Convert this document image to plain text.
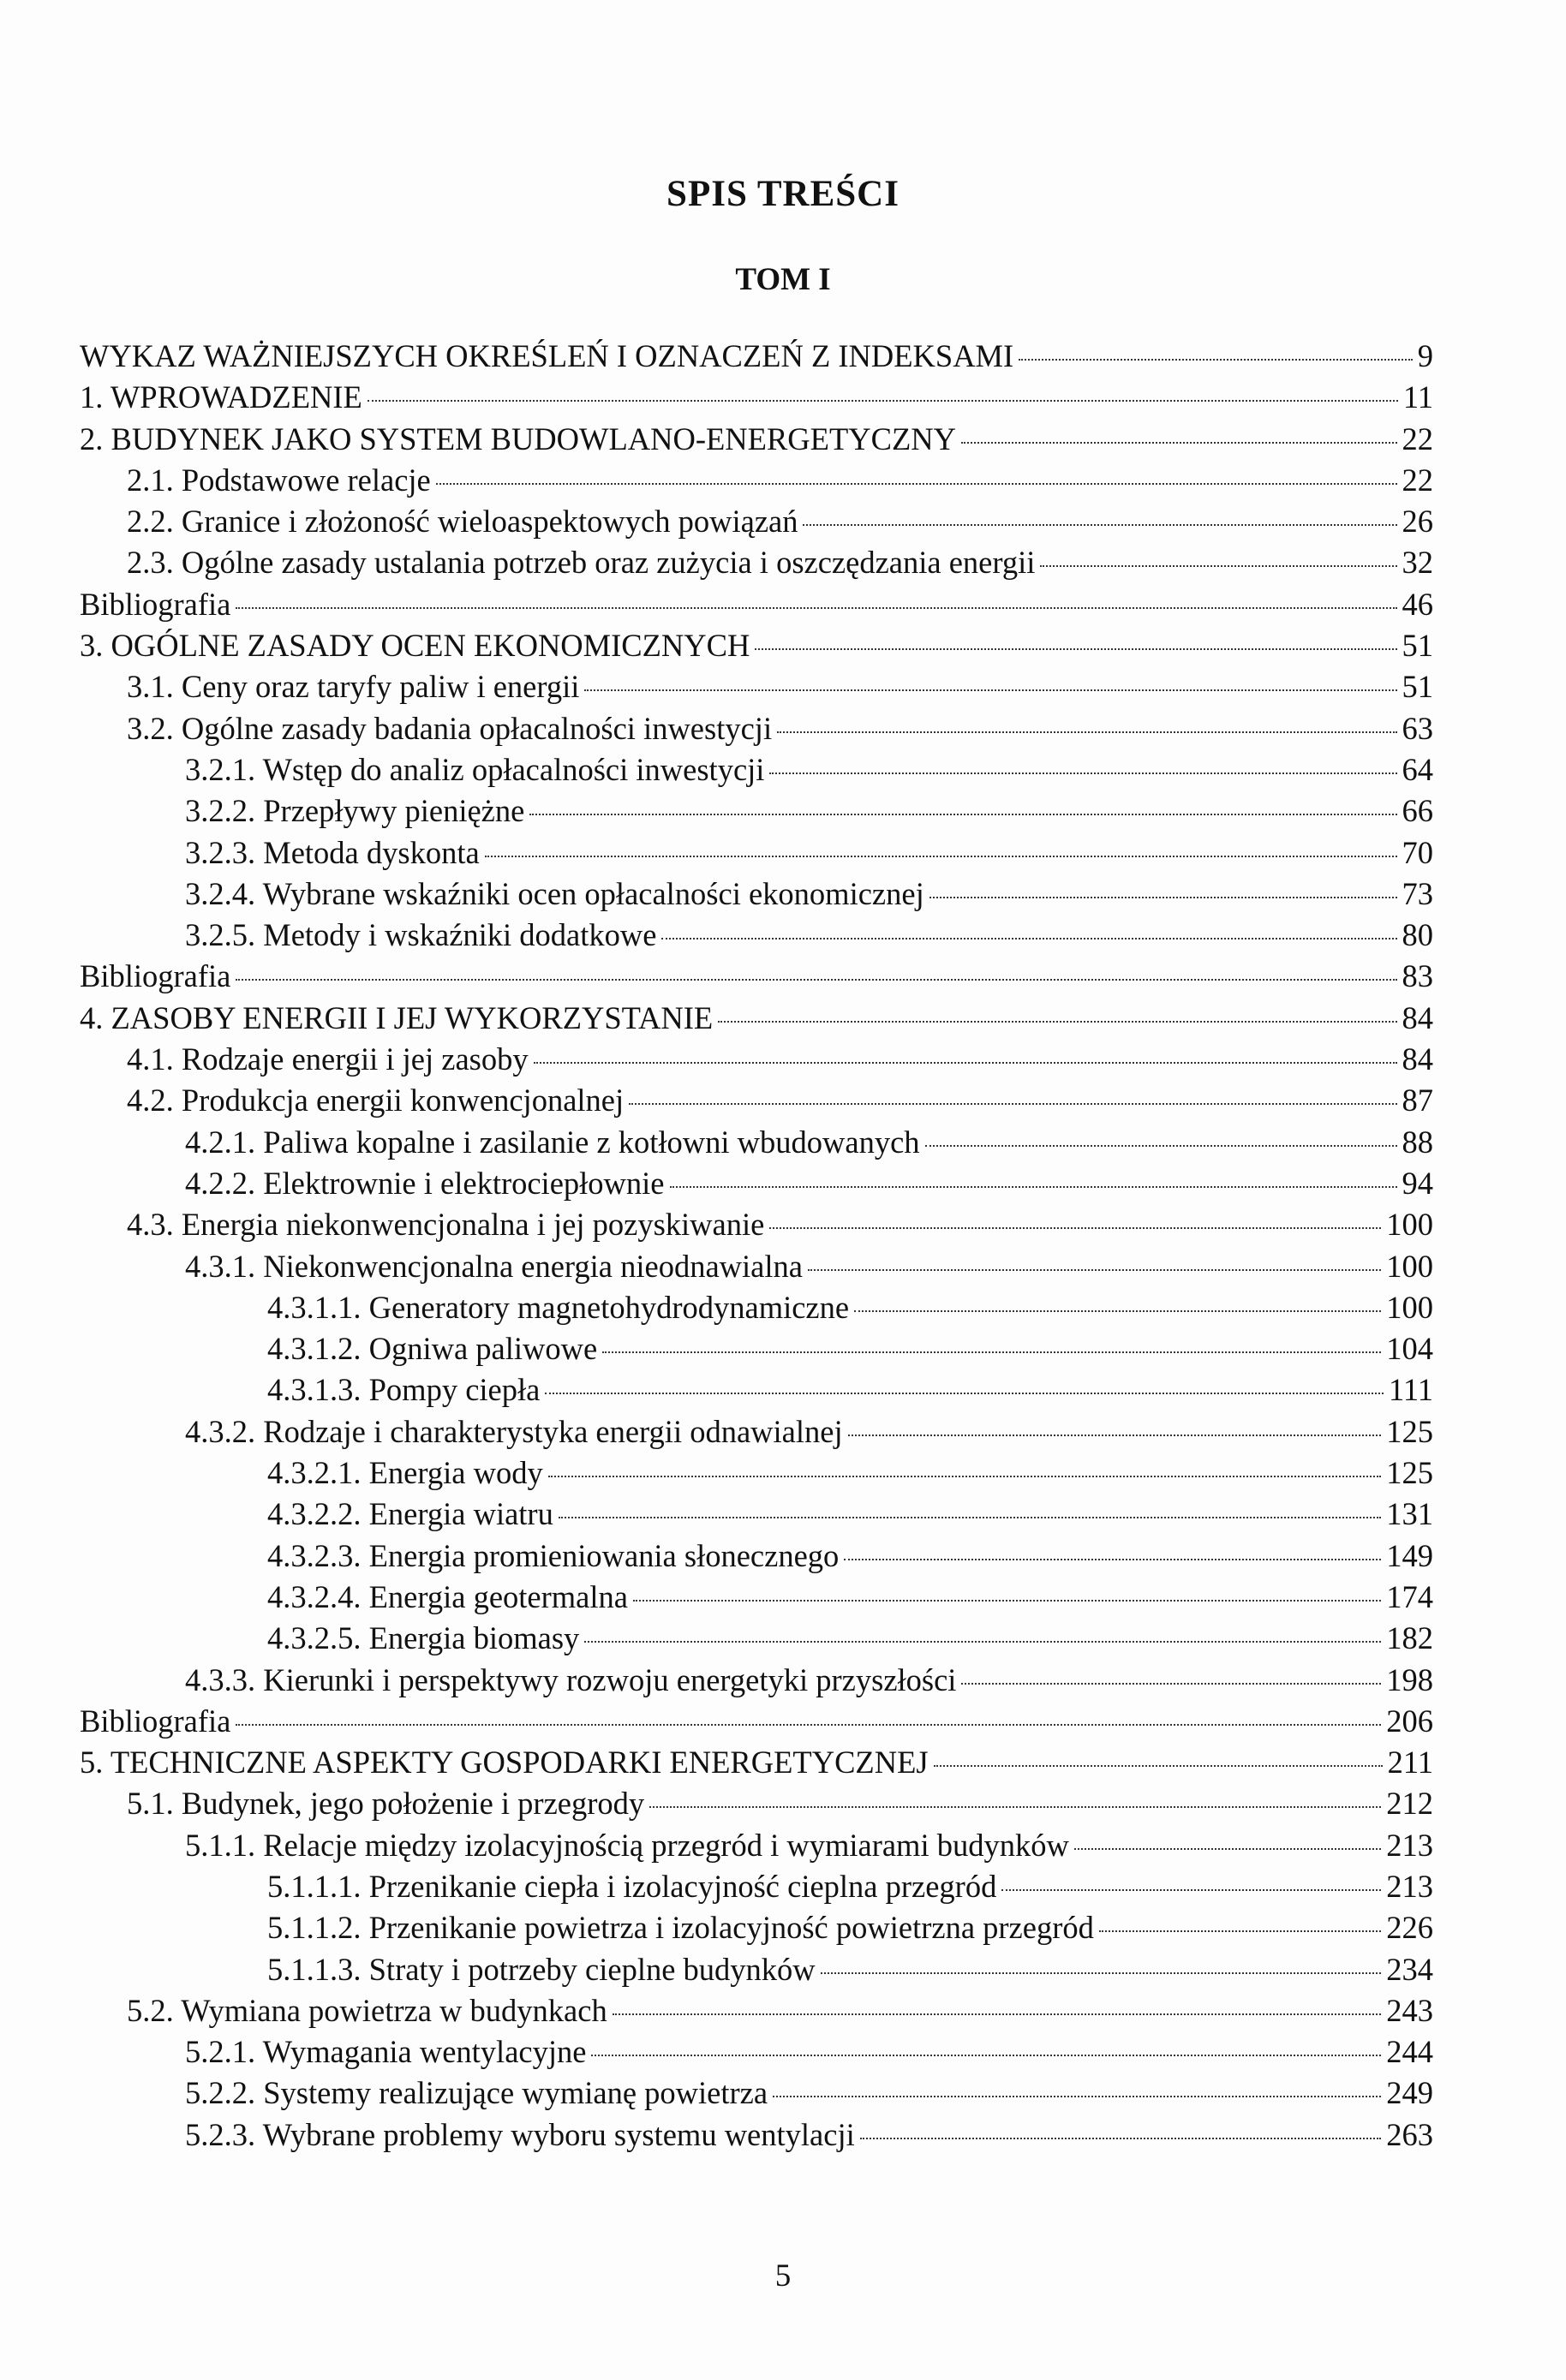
SPIS TREŚCI
TOM I
WYKAZ WAŻNIEJSZYCH OKREŚLEŃ I OZNACZEŃ Z INDEKSAMI	9
1. WPROWADZENIE	11
2. BUDYNEK JAKO SYSTEM BUDOWLANO-ENERGETYCZNY	22
2.1. Podstawowe relacje	22
2.2. Granice i złożoność wieloaspektowych powiązań	26
2.3. Ogólne zasady ustalania potrzeb oraz zużycia i oszczędzania energii	32
Bibliografia	46
3. OGÓLNE ZASADY OCEN EKONOMICZNYCH	51
3.1. Ceny oraz taryfy paliw i energii	51
3.2. Ogólne zasady badania opłacalności inwestycji	63
3.2.1. Wstęp do analiz opłacalności inwestycji	64
3.2.2. Przepływy pieniężne	66
3.2.3. Metoda dyskonta	70
3.2.4. Wybrane wskaźniki ocen opłacalności ekonomicznej	73
3.2.5. Metody i wskaźniki dodatkowe	80
Bibliografia	83
4. ZASOBY ENERGII I JEJ WYKORZYSTANIE	84
4.1. Rodzaje energii i jej zasoby	84
4.2. Produkcja energii konwencjonalnej	87
4.2.1. Paliwa kopalne i zasilanie z kotłowni wbudowanych	88
4.2.2. Elektrownie i elektrociepłownie	94
4.3. Energia niekonwencjonalna i jej pozyskiwanie	100
4.3.1. Niekonwencjonalna energia nieodnawialna	100
4.3.1.1. Generatory magnetohydrodynamiczne	100
4.3.1.2. Ogniwa paliwowe	104
4.3.1.3. Pompy ciepła	111
4.3.2. Rodzaje i charakterystyka energii odnawialnej	125
4.3.2.1. Energia wody	125
4.3.2.2. Energia wiatru	131
4.3.2.3. Energia promieniowania słonecznego	149
4.3.2.4. Energia geotermalna	174
4.3.2.5. Energia biomasy	182
4.3.3. Kierunki i perspektywy rozwoju energetyki przyszłości	198
Bibliografia	206
5. TECHNICZNE ASPEKTY GOSPODARKI ENERGETYCZNEJ	211
5.1. Budynek, jego położenie i przegrody	212
5.1.1. Relacje między izolacyjnością przegród i wymiarami budynków	213
5.1.1.1. Przenikanie ciepła i izolacyjność cieplna przegród	213
5.1.1.2. Przenikanie powietrza i izolacyjność powietrzna przegród	226
5.1.1.3. Straty i potrzeby cieplne budynków	234
5.2. Wymiana powietrza w budynkach	243
5.2.1. Wymagania wentylacyjne	244
5.2.2. Systemy realizujące wymianę powietrza	249
5.2.3. Wybrane problemy wyboru systemu wentylacji	263
5
